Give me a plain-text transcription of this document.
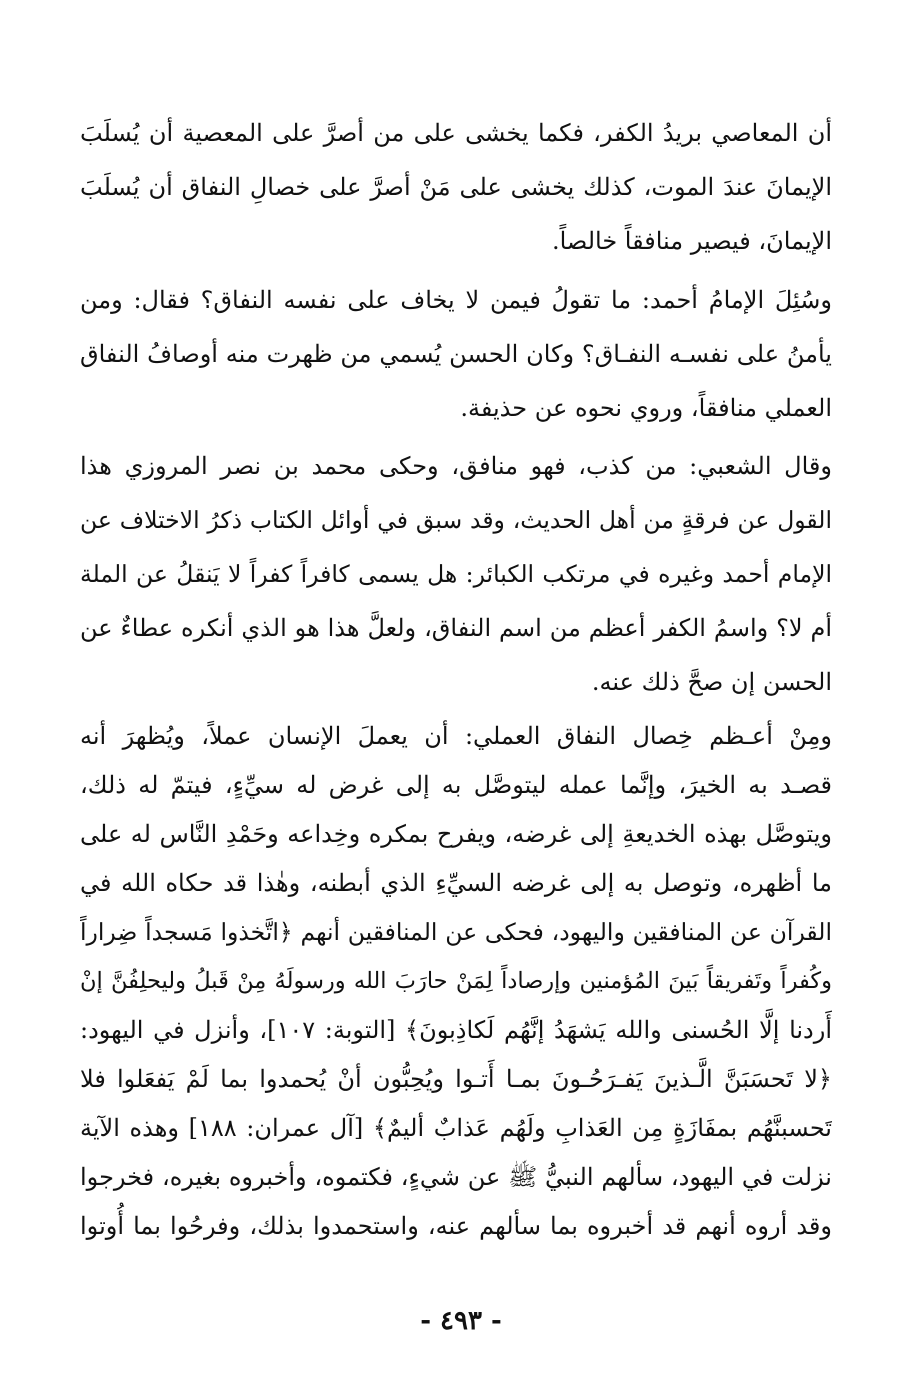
أن المعاصي بريدُ الكفر، فكما يخشى على من أصرَّ على المعصية أن يُسلَبَ
الإيمانَ عندَ الموت، كذلك يخشى على مَنْ أصرَّ على خصالِ النفاق أن يُسلَبَ
الإيمانَ، فيصير منافقاً خالصاً.
وسُئِلَ الإمامُ أحمد: ما تقولُ فيمن لا يخاف على نفسه النفاق؟ فقال: ومن
يأمنُ على نفسـه النفـاق؟ وكان الحسن يُسمي من ظهرت منه أوصافُ النفاق
العملي منافقاً، وروي نحوه عن حذيفة.
وقال الشعبي: من كذب، فهو منافق، وحكى محمد بن نصر المروزي هذا
القول عن فرقةٍ من أهل الحديث، وقد سبق في أوائل الكتاب ذكرُ الاختلاف عن
الإمام أحمد وغيره في مرتكب الكبائر: هل يسمى كافراً كفراً لا يَنقلُ عن الملة
أم لا؟ واسمُ الكفر أعظم من اسم النفاق، ولعلَّ هذا هو الذي أنكره عطاءٌ عن
الحسن إن صحَّ ذلك عنه.
ومِنْ أعـظم خِصال النفاق العملي: أن يعملَ الإنسان عملاً، ويُظهرَ أنه
قصـد به الخيرَ، وإنَّما عمله ليتوصَّل به إلى غرض له سيِّءٍ، فيتمّ له ذلك،
ويتوصَّل بهذه الخديعةِ إلى غرضه، ويفرح بمكره وخِداعه وحَمْدِ النَّاس له على
ما أظهره، وتوصل به إلى غرضه السيِّءِ الذي أبطنه، وهٰذا قد حكاه الله في
القرآن عن المنافقين واليهود، فحكى عن المنافقين أنهم ﴿اتَّخذوا مَسجداً ضِراراً
وكُفراً وتَفريقاً بَينَ المُؤمنين وإرصاداً لِمَنْ حارَبَ الله ورسولَهُ مِنْ قَبلُ وليحلِفُنَّ إنْ
أَردنا إلَّا الحُسنى والله يَشهَدُ إنَّهُم لَكاذِبونَ﴾ [التوبة: ١٠٧]، وأنزل في اليهود:
﴿لا تَحسَبَنَّ الَّـذينَ يَفـرَحُـونَ بمـا أَتـوا ويُحِبُّون أنْ يُحمدوا بما لَمْ يَفعَلوا فلا
تَحسبنَّهُم بمفَازَةٍ مِن العَذابِ ولَهُم عَذابٌ أليمٌ﴾ [آل عمران: ١٨٨] وهذه الآية
نزلت في اليهود، سألهم النبيُّ ﷺ عن شيءٍ، فكتموه، وأخبروه بغيره، فخرجوا
وقد أروه أنهم قد أخبروه بما سألهم عنه، واستحمدوا بذلك، وفرحُوا بما أُوتوا
- ٤٩٣ -
